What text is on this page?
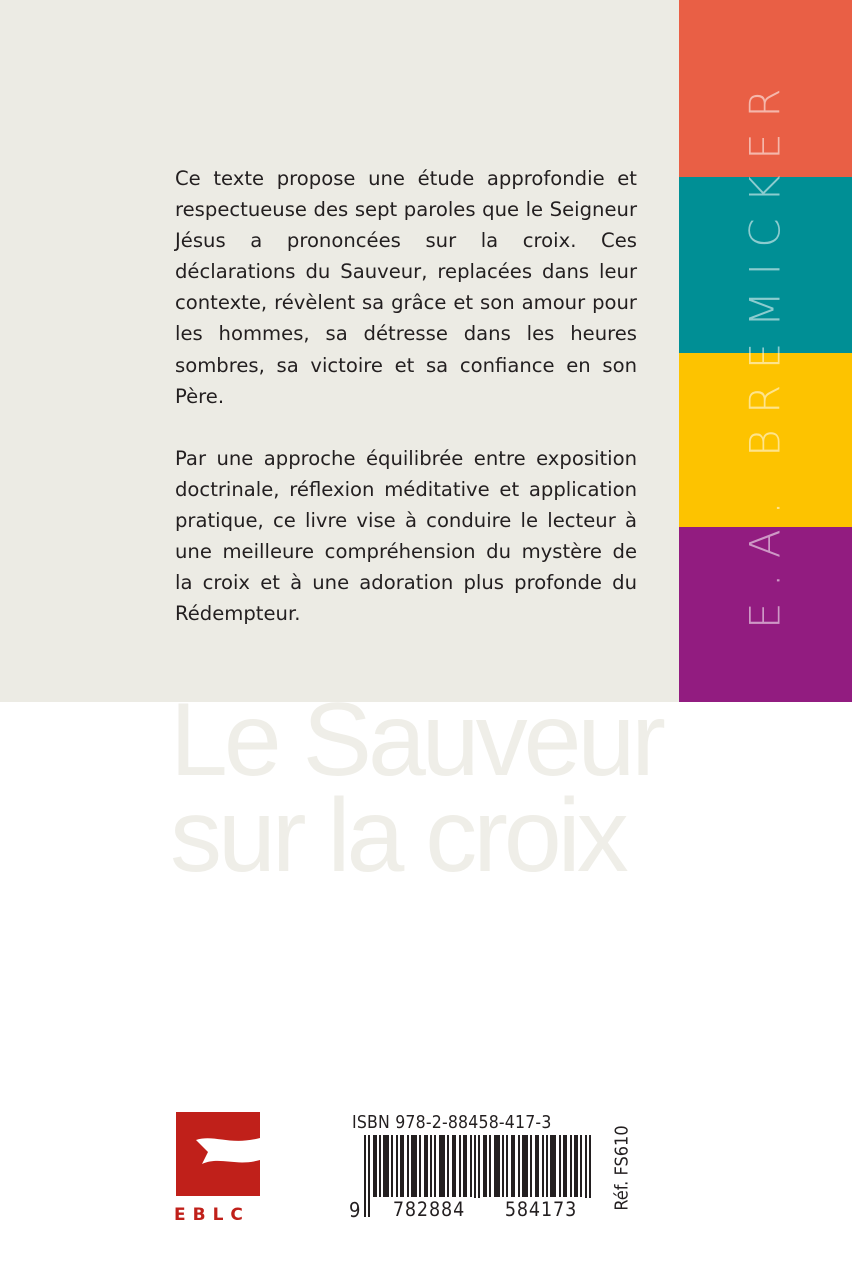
Ce texte propose une étude approfondie et respectueuse des sept paroles que le Seigneur Jésus a prononcées sur la croix. Ces déclarations du Sauveur, replacées dans leur contexte, révèlent sa grâce et son amour pour les hommes, sa détresse dans les heures sombres, sa victoire et sa confiance en son Père.

Par une approche équilibrée entre exposition doctrinale, réflexion méditative et application pratique, ce livre vise à conduire le lecteur à une meilleure compréhension du mystère de la croix et à une adoration plus profonde du Rédempteur.	E.A. BREMICKER
Le Sauveur
sur la croix
EBLC
ISBN 978-2-88458-417-3
9	782884	584173	Réf. FS610
